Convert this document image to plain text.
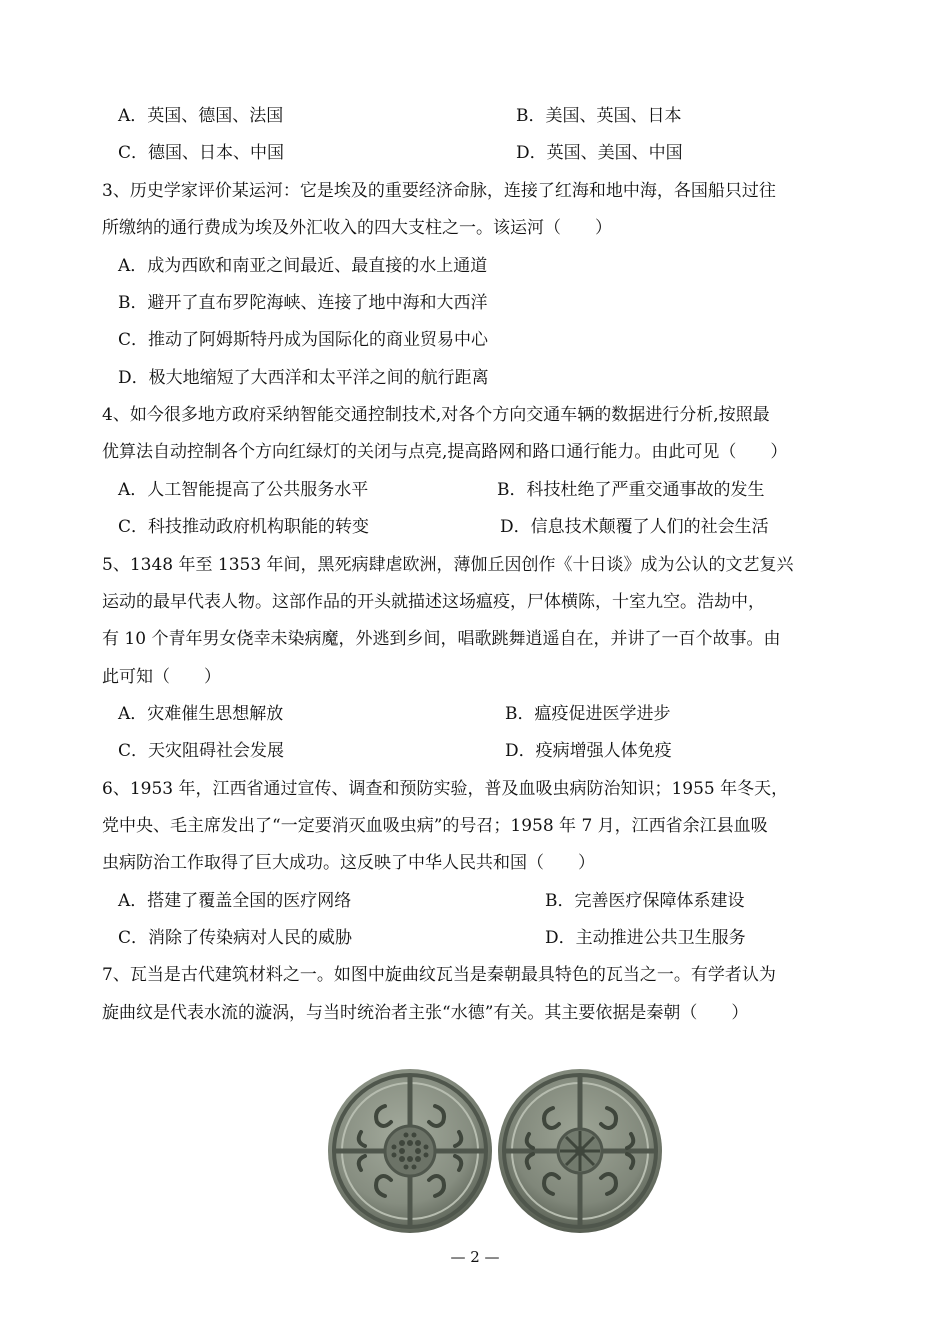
A．英国、德国、法国	B．美国、英国、日本
C．德国、日本、中国	D．英国、美国、中国
3、历史学家评价某运河：它是埃及的重要经济命脉，连接了红海和地中海，各国船只过往
所缴纳的通行费成为埃及外汇收入的四大支柱之一。该运河（　　）
A．成为西欧和南亚之间最近、最直接的水上通道
B．避开了直布罗陀海峡、连接了地中海和大西洋
C．推动了阿姆斯特丹成为国际化的商业贸易中心
D．极大地缩短了大西洋和太平洋之间的航行距离
4、如今很多地方政府采纳智能交通控制技术,对各个方向交通车辆的数据进行分析,按照最
优算法自动控制各个方向红绿灯的关闭与点亮,提高路网和路口通行能力。由此可见（　　）
A．人工智能提高了公共服务水平	B．科技杜绝了严重交通事故的发生
C．科技推动政府机构职能的转变	D．信息技术颠覆了人们的社会生活
5、1348 年至 1353 年间，黑死病肆虐欧洲，薄伽丘因创作《十日谈》成为公认的文艺复兴
运动的最早代表人物。这部作品的开头就描述这场瘟疫，尸体横陈，十室九空。浩劫中，
有 10 个青年男女侥幸未染病魔，外逃到乡间，唱歌跳舞逍遥自在，并讲了一百个故事。由
此可知（　　）
A．灾难催生思想解放	B．瘟疫促进医学进步
C．天灾阻碍社会发展	D．疫病增强人体免疫
6、1953 年，江西省通过宣传、调查和预防实验，普及血吸虫病防治知识；1955 年冬天，
党中央、毛主席发出了“一定要消灭血吸虫病”的号召；1958 年 7 月，江西省余江县血吸
虫病防治工作取得了巨大成功。这反映了中华人民共和国（　　）
A．搭建了覆盖全国的医疗网络	B．完善医疗保障体系建设
C．消除了传染病对人民的威胁	D．主动推进公共卫生服务
7、瓦当是古代建筑材料之一。如图中旋曲纹瓦当是秦朝最具特色的瓦当之一。有学者认为
旋曲纹是代表水流的漩涡，与当时统治者主张“水德”有关。其主要依据是秦朝（　　）
— 2 —
